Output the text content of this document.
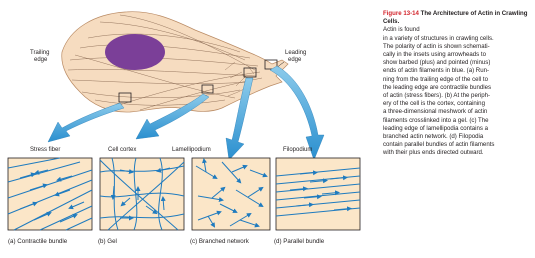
Trailing edge
Leading edge
Stress fiber	Cell cortex	Lamellipodium	Filopodium
(a) Contractile bundle	(b) Gel	(c) Branched network	(d) Parallel bundle
Figure 13-14 The Architecture of Actin in Crawling Cells.
Actin is found
in a variety of structures in crawling cells.
The polarity of actin is shown schemati-
cally in the insets using arrowheads to
show barbed (plus) and pointed (minus)
ends of actin filaments in blue. (a) Run-
ning from the trailing edge of the cell to
the leading edge are contractile bundles
of actin (stress fibers). (b) At the periph-
ery of the cell is the cortex, containing
a three-dimensional meshwork of actin
filaments crosslinked into a gel. (c) The
leading edge of lamellipodia contains a
branched actin network. (d) Filopodia
contain parallel bundles of actin filaments
with their plus ends directed outward.
